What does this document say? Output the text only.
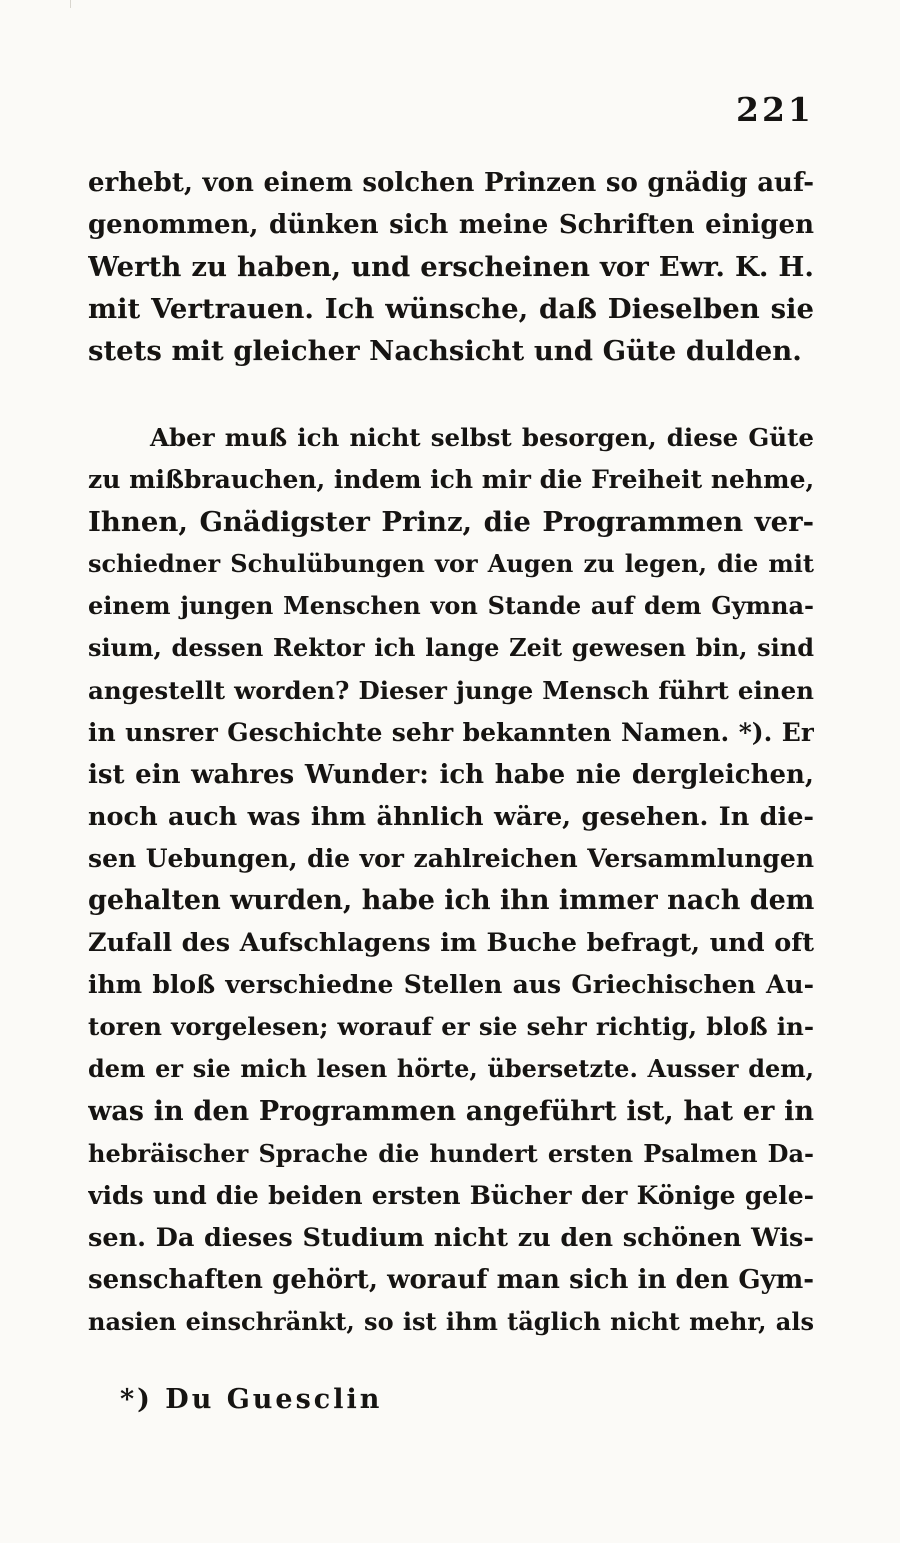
221
erhebt, von einem solchen Prinzen so gnädig auf-
genommen, dünken sich meine Schriften einigen
Werth zu haben, und erscheinen vor Ewr. K. H.
mit Vertrauen. Ich wünsche, daß Dieselben sie
stets mit gleicher Nachsicht und Güte dulden.
Aber muß ich nicht selbst besorgen, diese Güte
zu mißbrauchen, indem ich mir die Freiheit nehme,
Ihnen, Gnädigster Prinz, die Programmen ver-
schiedner Schulübungen vor Augen zu legen, die mit
einem jungen Menschen von Stande auf dem Gymna-
sium, dessen Rektor ich lange Zeit gewesen bin, sind
angestellt worden? Dieser junge Mensch führt einen
in unsrer Geschichte sehr bekannten Namen. *). Er
ist ein wahres Wunder: ich habe nie dergleichen,
noch auch was ihm ähnlich wäre, gesehen. In die-
sen Uebungen, die vor zahlreichen Versammlungen
gehalten wurden, habe ich ihn immer nach dem
Zufall des Aufschlagens im Buche befragt, und oft
ihm bloß verschiedne Stellen aus Griechischen Au-
toren vorgelesen; worauf er sie sehr richtig, bloß in-
dem er sie mich lesen hörte, übersetzte. Ausser dem,
was in den Programmen angeführt ist, hat er in
hebräischer Sprache die hundert ersten Psalmen Da-
vids und die beiden ersten Bücher der Könige gele-
sen. Da dieses Studium nicht zu den schönen Wis-
senschaften gehört, worauf man sich in den Gym-
nasien einschränkt, so ist ihm täglich nicht mehr, als
*) Du Guesclin
